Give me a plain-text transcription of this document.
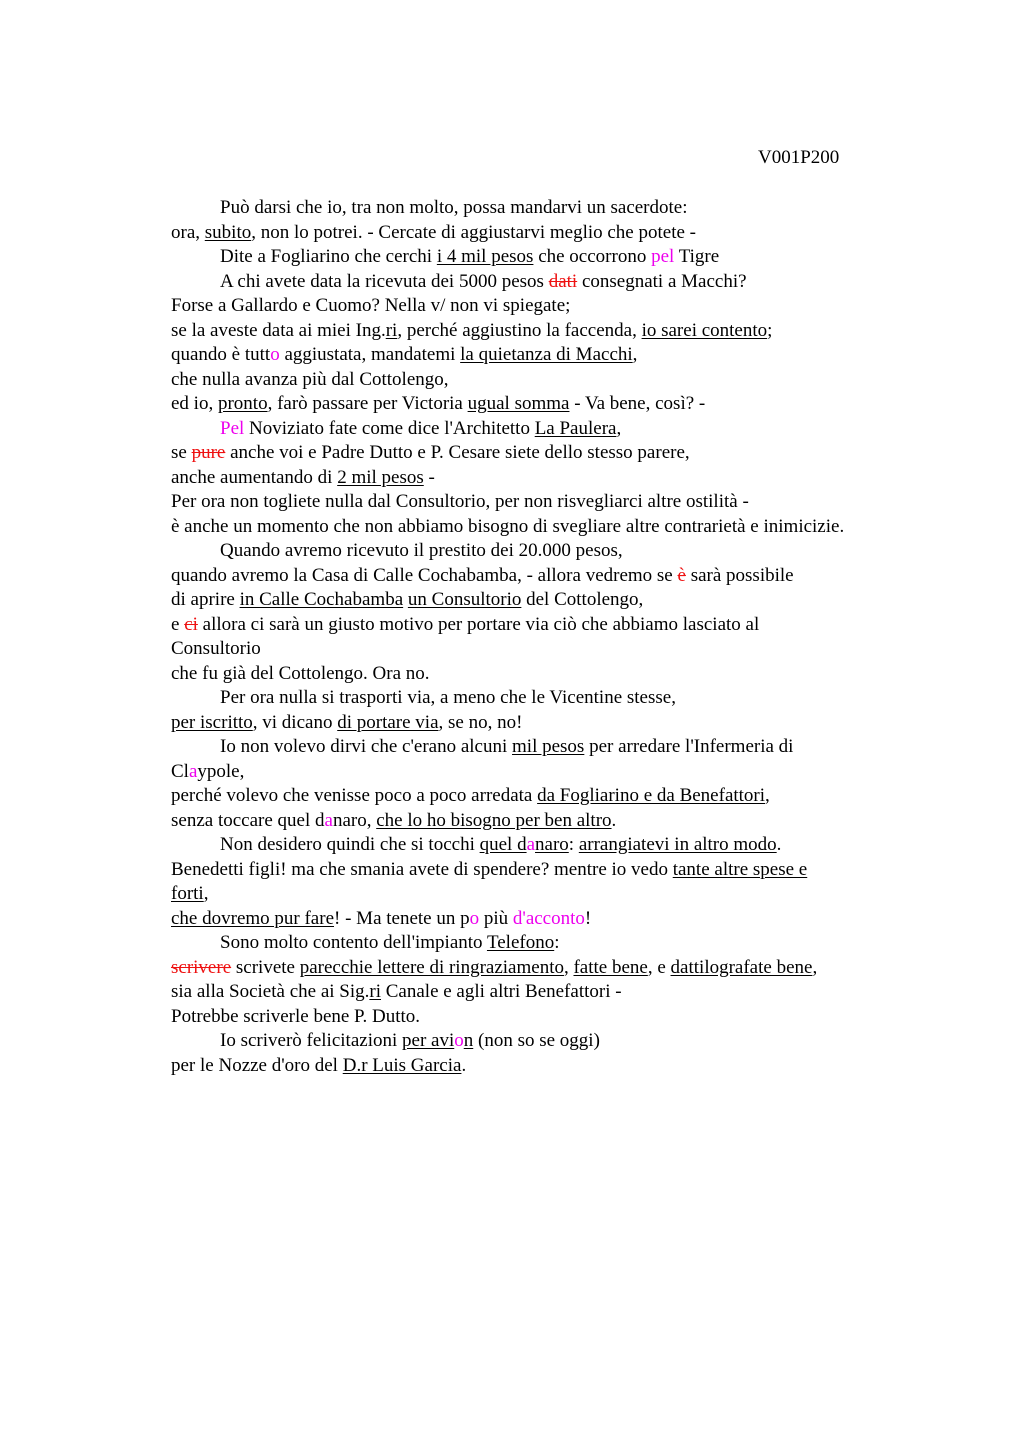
V001P200
Può darsi che io, tra non molto, possa mandarvi un sacerdote:
ora, subito, non lo potrei. - Cercate di aggiustarvi meglio che potete -
Dite a Fogliarino che cerchi i 4 mil pesos che occorrono pel Tigre
A chi avete data la ricevuta dei 5000 pesos dati consegnati a Macchi?
Forse a Gallardo e Cuomo? Nella v/ non vi spiegate;
se la aveste data ai miei Ing.ri, perché aggiustino la faccenda, io sarei contento;
quando è tutto aggiustata, mandatemi la quietanza di Macchi,
che nulla avanza più dal Cottolengo,
ed io, pronto, farò passare per Victoria ugual somma - Va bene, così? -
Pel Noviziato fate come dice l'Architetto La Paulera,
se pure anche voi e Padre Dutto e P. Cesare siete dello stesso parere,
anche aumentando di 2 mil pesos -
Per ora non togliete nulla dal Consultorio, per non risvegliarci altre ostilità -
è anche un momento che non abbiamo bisogno di svegliare altre contrarietà e inimicizie.
Quando avremo ricevuto il prestito dei 20.000 pesos,
quando avremo la Casa di Calle Cochabamba, - allora vedremo se è sarà possibile
di aprire in Calle Cochabamba un Consultorio del Cottolengo,
e ci allora ci sarà un giusto motivo per portare via ciò che abbiamo lasciato al
Consultorio
che fu già del Cottolengo. Ora no.
Per ora nulla si trasporti via, a meno che le Vicentine stesse,
per iscritto, vi dicano di portare via, se no, no!
Io non volevo dirvi che c'erano alcuni mil pesos per arredare l'Infermeria di
Claypole,
perché volevo che venisse poco a poco arredata da Fogliarino e da Benefattori,
senza toccare quel danaro, che lo ho bisogno per ben altro.
Non desidero quindi che si tocchi quel danaro: arrangiatevi in altro modo.
Benedetti figli! ma che smania avete di spendere? mentre io vedo tante altre spese e
forti,
che dovremo pur fare! - Ma tenete un po più d'acconto!
Sono molto contento dell'impianto Telefono:
scrivere scrivete parecchie lettere di ringraziamento, fatte bene, e dattilografate bene,
sia alla Società che ai Sig.ri Canale e agli altri Benefattori -
Potrebbe scriverle bene P. Dutto.
Io scriverò felicitazioni per avion (non so se oggi)
per le Nozze d'oro del D.r Luis Garcia.
